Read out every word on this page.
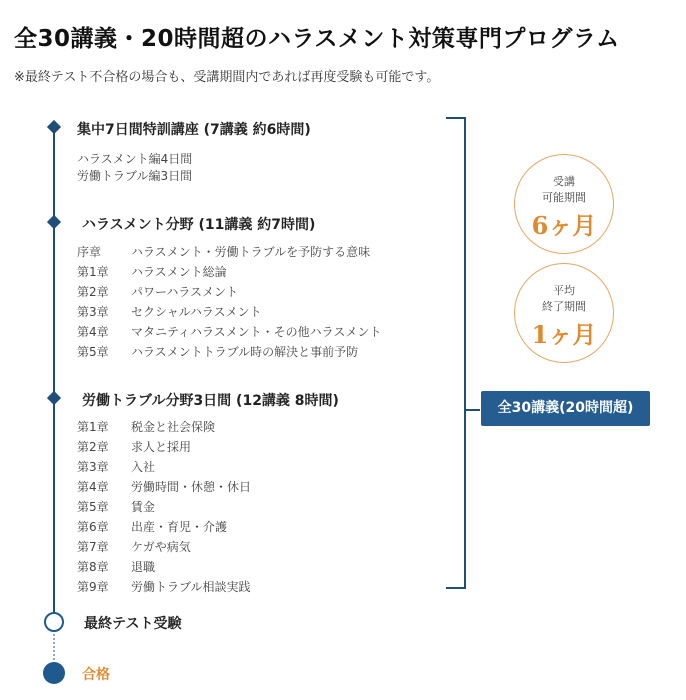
全30講義・20時間超のハラスメント対策専門プログラム
※最終テスト不合格の場合も、受講期間内であれば再度受験も可能です。
集中7日間特訓講座 (7講義 約6時間)
ハラスメント編4日間
労働トラブル編3日間
ハラスメント分野 (11講義 約7時間)
序章 ハラスメント・労働トラブルを予防する意味
第1章 ハラスメント総論
第2章 パワーハラスメント
第3章 セクシャルハラスメント
第4章 マタニティハラスメント・その他ハラスメント
第5章 ハラスメントトラブル時の解決と事前予防
労働トラブル分野3日間 (12講義 8時間)
第1章 税金と社会保険
第2章 求人と採用
第3章 入社
第4章 労働時間・休憩・休日
第5章 賃金
第6章 出産・育児・介護
第7章 ケガや病気
第8章 退職
第9章 労働トラブル相談実践
最終テスト受験
合格
受講
可能期間
6ヶ月
平均
終了期間
1ヶ月
全30講義(20時間超)
